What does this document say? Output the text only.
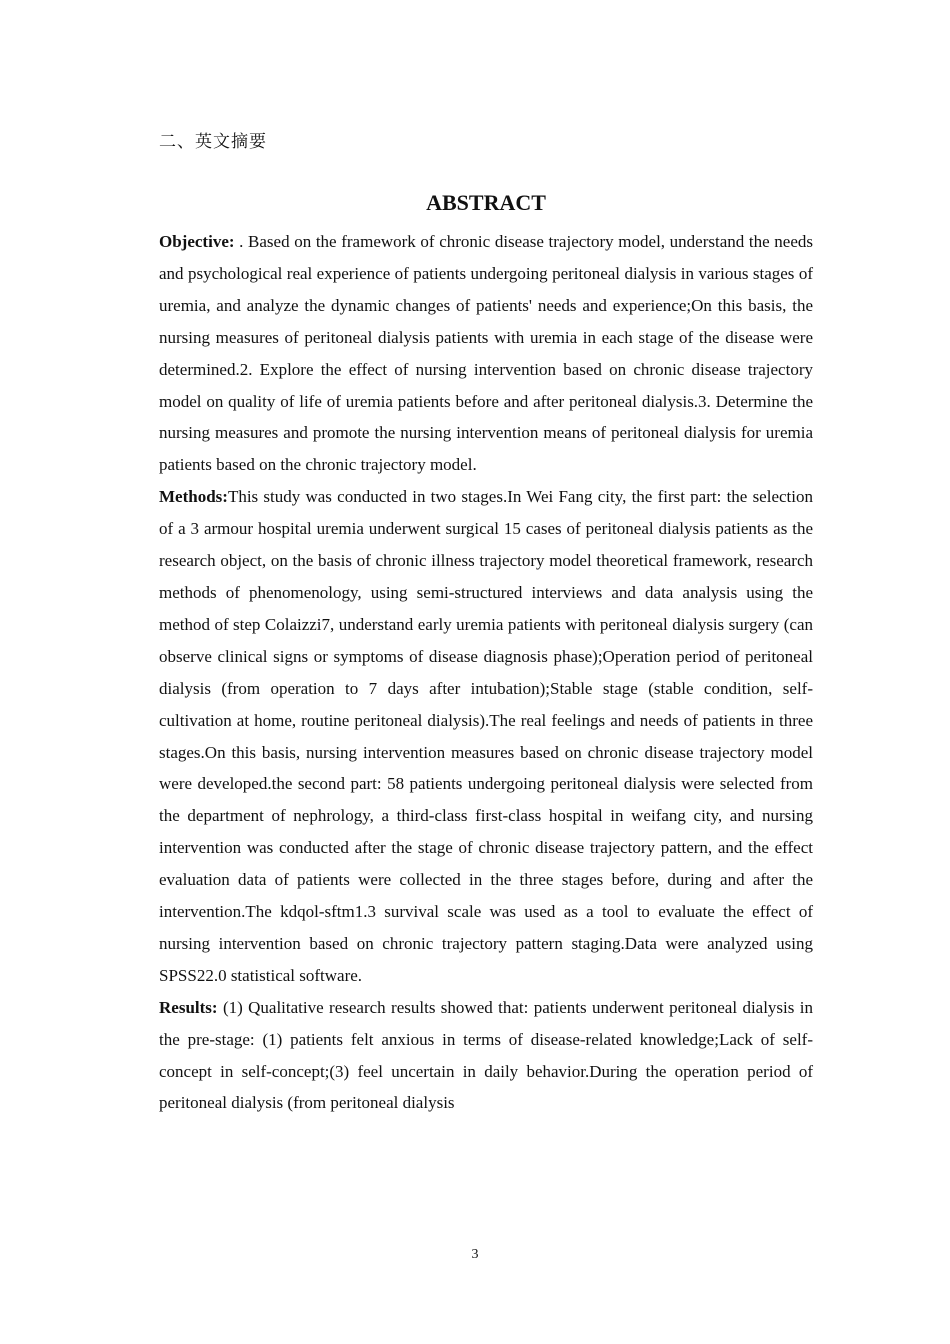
二、英文摘要
ABSTRACT

Objective: . Based on the framework of chronic disease trajectory model, understand the needs and psychological real experience of patients undergoing peritoneal dialysis in various stages of uremia, and analyze the dynamic changes of patients' needs and experience;On this basis, the nursing measures of peritoneal dialysis patients with uremia in each stage of the disease were determined.2. Explore the effect of nursing intervention based on chronic disease trajectory model on quality of life of uremia patients before and after peritoneal dialysis.3. Determine the nursing measures and promote the nursing intervention means of peritoneal dialysis for uremia patients based on the chronic trajectory model.

Methods:This study was conducted in two stages.In Wei Fang city, the first part: the selection of a 3 armour hospital uremia underwent surgical 15 cases of peritoneal dialysis patients as the research object, on the basis of chronic illness trajectory model theoretical framework, research methods of phenomenology, using semi-structured interviews and data analysis using the method of step Colaizzi7, understand early uremia patients with peritoneal dialysis surgery (can observe clinical signs or symptoms of disease diagnosis phase);Operation period of peritoneal dialysis (from operation to 7 days after intubation);Stable stage (stable condition, self-cultivation at home, routine peritoneal dialysis).The real feelings and needs of patients in three stages.On this basis, nursing intervention measures based on chronic disease trajectory model were developed.the second part: 58 patients undergoing peritoneal dialysis were selected from the department of nephrology, a third-class first-class hospital in weifang city, and nursing intervention was conducted after the stage of chronic disease trajectory pattern, and the effect evaluation data of patients were collected in the three stages before, during and after the intervention.The kdqol-sftm1.3 survival scale was used as a tool to evaluate the effect of nursing intervention based on chronic trajectory pattern staging.Data were analyzed using SPSS22.0 statistical software.

Results: (1) Qualitative research results showed that: patients underwent peritoneal dialysis in the pre-stage: (1) patients felt anxious in terms of disease-related knowledge;Lack of self-concept in self-concept;(3) feel uncertain in daily behavior.During the operation period of peritoneal dialysis (from peritoneal dialysis

3
